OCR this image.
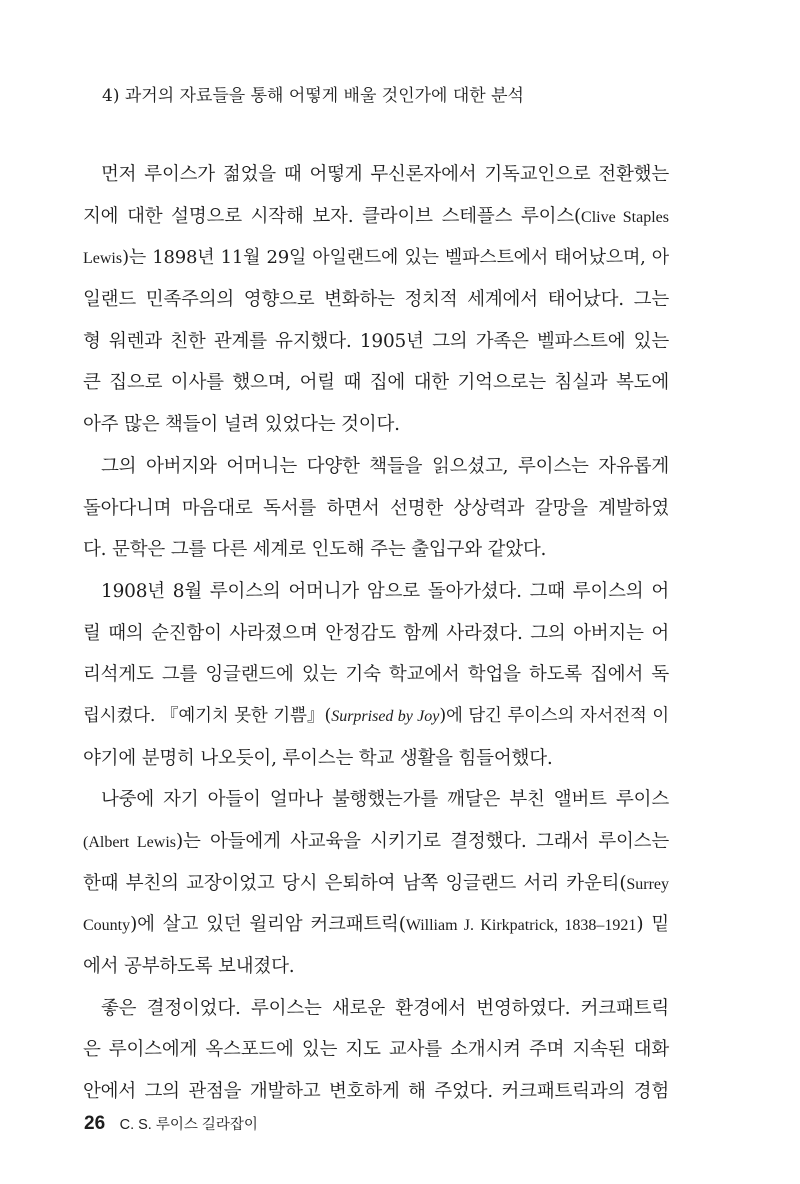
4) 과거의 자료들을 통해 어떻게 배울 것인가에 대한 분석
먼저 루이스가 젊었을 때 어떻게 무신론자에서 기독교인으로 전환했는
지에 대한 설명으로 시작해 보자. 클라이브 스테플스 루이스(Clive Staples
Lewis)는 1898년 11월 29일 아일랜드에 있는 벨파스트에서 태어났으며, 아
일랜드 민족주의의 영향으로 변화하는 정치적 세계에서 태어났다. 그는
형 워렌과 친한 관계를 유지했다. 1905년 그의 가족은 벨파스트에 있는
큰 집으로 이사를 했으며, 어릴 때 집에 대한 기억으로는 침실과 복도에
아주 많은 책들이 널려 있었다는 것이다.
그의 아버지와 어머니는 다양한 책들을 읽으셨고, 루이스는 자유롭게
돌아다니며 마음대로 독서를 하면서 선명한 상상력과 갈망을 계발하였
다. 문학은 그를 다른 세계로 인도해 주는 출입구와 같았다.
1908년 8월 루이스의 어머니가 암으로 돌아가셨다. 그때 루이스의 어
릴 때의 순진함이 사라졌으며 안정감도 함께 사라졌다. 그의 아버지는 어
리석게도 그를 잉글랜드에 있는 기숙 학교에서 학업을 하도록 집에서 독
립시켰다. 『예기치 못한 기쁨』(Surprised by Joy)에 담긴 루이스의 자서전적 이
야기에 분명히 나오듯이, 루이스는 학교 생활을 힘들어했다.
나중에 자기 아들이 얼마나 불행했는가를 깨달은 부친 앨버트 루이스
(Albert Lewis)는 아들에게 사교육을 시키기로 결정했다. 그래서 루이스는
한때 부친의 교장이었고 당시 은퇴하여 남쪽 잉글랜드 서리 카운티(Surrey
County)에 살고 있던 윌리암 커크패트릭(William J. Kirkpatrick, 1838–1921) 밑
에서 공부하도록 보내졌다.
좋은 결정이었다. 루이스는 새로운 환경에서 번영하였다. 커크패트릭
은 루이스에게 옥스포드에 있는 지도 교사를 소개시켜 주며 지속된 대화
안에서 그의 관점을 개발하고 변호하게 해 주었다. 커크패트릭과의 경험
26 C. S. 루이스 길라잡이
